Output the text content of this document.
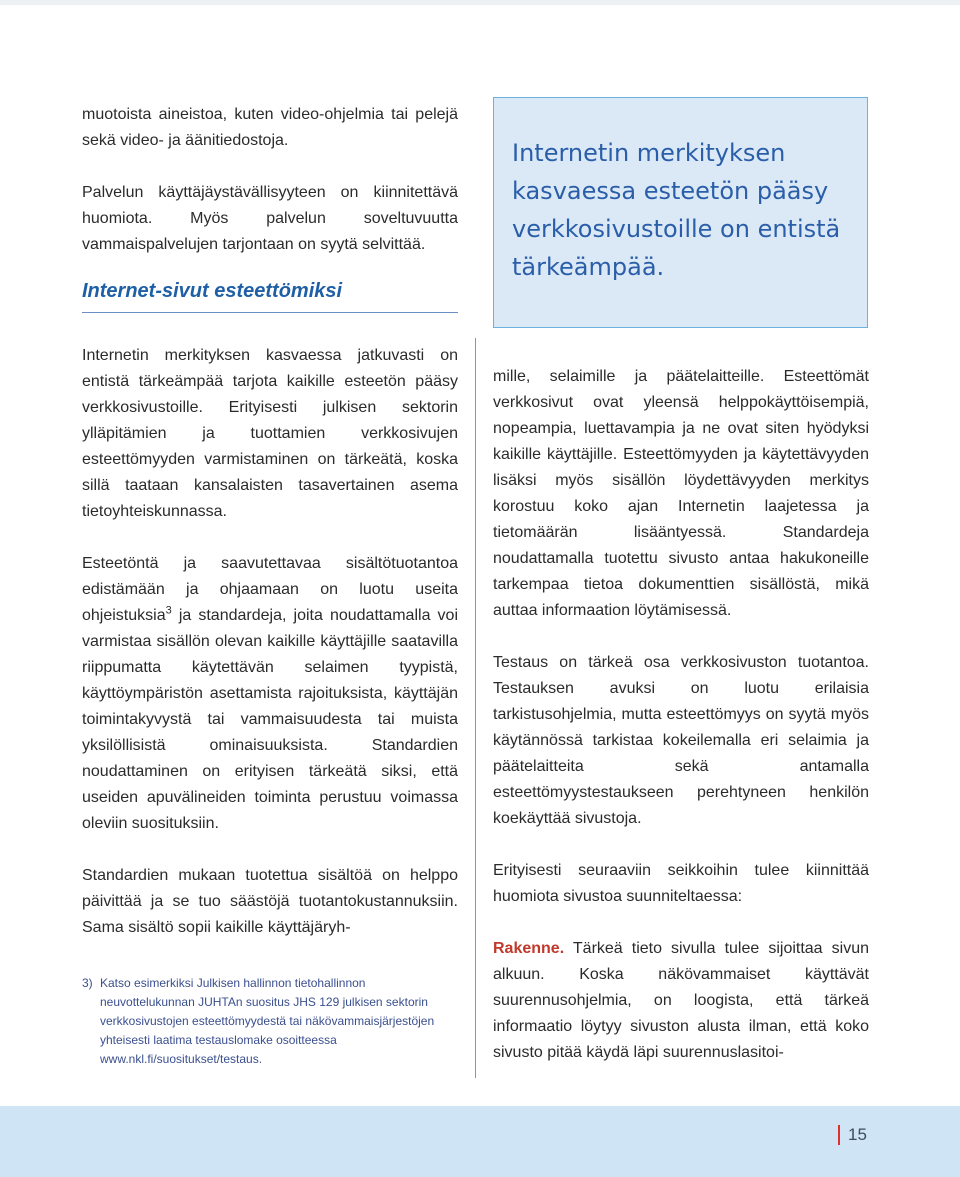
muotoista aineistoa, kuten video-ohjelmia tai pelejä sekä video- ja äänitiedostoja.

Palvelun käyttäjäystävällisyyteen on kiinnitettävä huomiota. Myös palvelun soveltuvuutta vammaispalvelujen tarjontaan on syytä selvittää.

Internet-sivut esteettömiksi

Internetin merkityksen kasvaessa jatkuvasti on entistä tärkeämpää tarjota kaikille esteetön pääsy verkkosivustoille. Erityisesti julkisen sektorin ylläpitämien ja tuottamien verkkosivujen esteettömyyden varmistaminen on tärkeätä, koska sillä taataan kansalaisten tasavertainen asema tietoyhteiskunnassa.

Esteetöntä ja saavutettavaa sisältötuotantoa edistämään ja ohjaamaan on luotu useita ohjeistuksia$^3$ ja standardeja, joita noudattamalla voi varmistaa sisällön olevan kaikille käyttäjille saatavilla riippumatta käytettävän selaimen tyypistä, käyttöympäristön asettamista rajoituksista, käyttäjän toimintakyvystä tai vammaisuudesta tai muista yksilöllisistä ominaisuuksista. Standardien noudattaminen on erityisen tärkeätä siksi, että useiden apuvälineiden toiminta perustuu voimassa oleviin suosituksiin.

Standardien mukaan tuotettua sisältöä on helppo päivittää ja se tuo säästöjä tuotantokustannuksiin. Sama sisältö sopii kaikille käyttäjäryh-

3) Katso esimerkiksi Julkisen hallinnon tietohallinnon neuvottelukunnan JUHTAn suositus JHS 129 julkisen sektorin verkkosivustojen esteettömyydestä tai näkövammaisjärjestöjen yhteisesti laatima testauslomake osoitteessa www.nkl.fi/suositukset/testaus.

Internetin merkityksen kasvaessa esteetön pääsy verkkosivustoille on entistä tärkeämpää.

mille, selaimille ja päätelaitteille. Esteettömät verkkosivut ovat yleensä helppokäyttöisempiä, nopeampia, luettavampia ja ne ovat siten hyödyksi kaikille käyttäjille. Esteettömyyden ja käytettävyyden lisäksi myös sisällön löydettävyyden merkitys korostuu koko ajan Internetin laajetessa ja tietomäärän lisääntyessä. Standardeja noudattamalla tuotettu sivusto antaa hakukoneille tarkempaa tietoa dokumenttien sisällöstä, mikä auttaa informaation löytämisessä.

Testaus on tärkeä osa verkkosivuston tuotantoa. Testauksen avuksi on luotu erilaisia tarkistusohjelmia, mutta esteettömyys on syytä myös käytännössä tarkistaa kokeilemalla eri selaimia ja päätelaitteita sekä antamalla esteettömyystestaukseen perehtyneen henkilön koekäyttää sivustoja.

Erityisesti seuraaviin seikkoihin tulee kiinnittää huomiota sivustoa suunniteltaessa:

Rakenne. Tärkeä tieto sivulla tulee sijoittaa sivun alkuun. Koska näkövammaiset käyttävät suurennusohjelmia, on loogista, että tärkeä informaatio löytyy sivuston alusta ilman, että koko sivusto pitää käydä läpi suurennuslasitoi-

15
